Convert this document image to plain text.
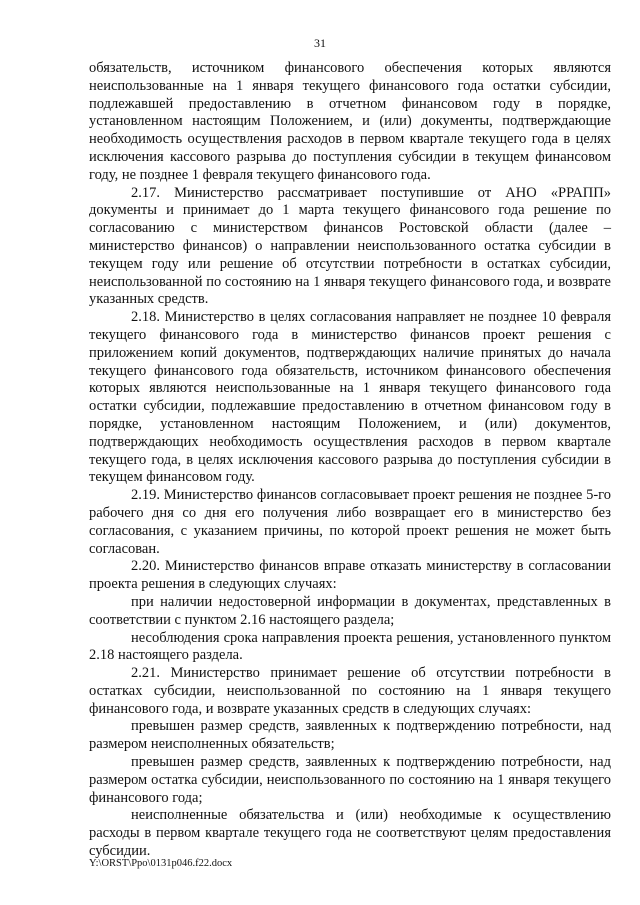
31

обязательств, источником финансового обеспечения которых являются неиспользованные на 1 января текущего финансового года остатки субсидии, подлежавшей предоставлению в отчетном финансовом году в порядке, установленном настоящим Положением, и (или) документы, подтверждающие необходимость осуществления расходов в первом квартале текущего года в целях исключения кассового разрыва до поступления субсидии в текущем финансовом году, не позднее 1 февраля текущего финансового года.

2.17. Министерство рассматривает поступившие от АНО «РРАПП» документы и принимает до 1 марта текущего финансового года решение по согласованию с министерством финансов Ростовской области (далее – министерство финансов) о направлении неиспользованного остатка субсидии в текущем году или решение об отсутствии потребности в остатках субсидии, неиспользованной по состоянию на 1 января текущего финансового года, и возврате указанных средств.

2.18. Министерство в целях согласования направляет не позднее 10 февраля текущего финансового года в министерство финансов проект решения с приложением копий документов, подтверждающих наличие принятых до начала текущего финансового года обязательств, источником финансового обеспечения которых являются неиспользованные на 1 января текущего финансового года остатки субсидии, подлежавшие предоставлению в отчетном финансовом году в порядке, установленном настоящим Положением, и (или) документов, подтверждающих необходимость осуществления расходов в первом квартале текущего года, в целях исключения кассового разрыва до поступления субсидии в текущем финансовом году.

2.19. Министерство финансов согласовывает проект решения не позднее 5-го рабочего дня со дня его получения либо возвращает его в министерство без согласования, с указанием причины, по которой проект решения не может быть согласован.

2.20. Министерство финансов вправе отказать министерству в согласовании проекта решения в следующих случаях:

при наличии недостоверной информации в документах, представленных в соответствии с пунктом 2.16 настоящего раздела;

несоблюдения срока направления проекта решения, установленного пунктом 2.18 настоящего раздела.

2.21. Министерство принимает решение об отсутствии потребности в остатках субсидии, неиспользованной по состоянию на 1 января текущего финансового года, и возврате указанных средств в следующих случаях:

превышен размер средств, заявленных к подтверждению потребности, над размером неисполненных обязательств;

превышен размер средств, заявленных к подтверждению потребности, над размером остатка субсидии, неиспользованного по состоянию на 1 января текущего финансового года;

неисполненные обязательства и (или) необходимые к осуществлению расходы в первом квартале текущего года не соответствуют целям предоставления субсидии.

Y:\ORST\Ppo\0131p046.f22.docx
